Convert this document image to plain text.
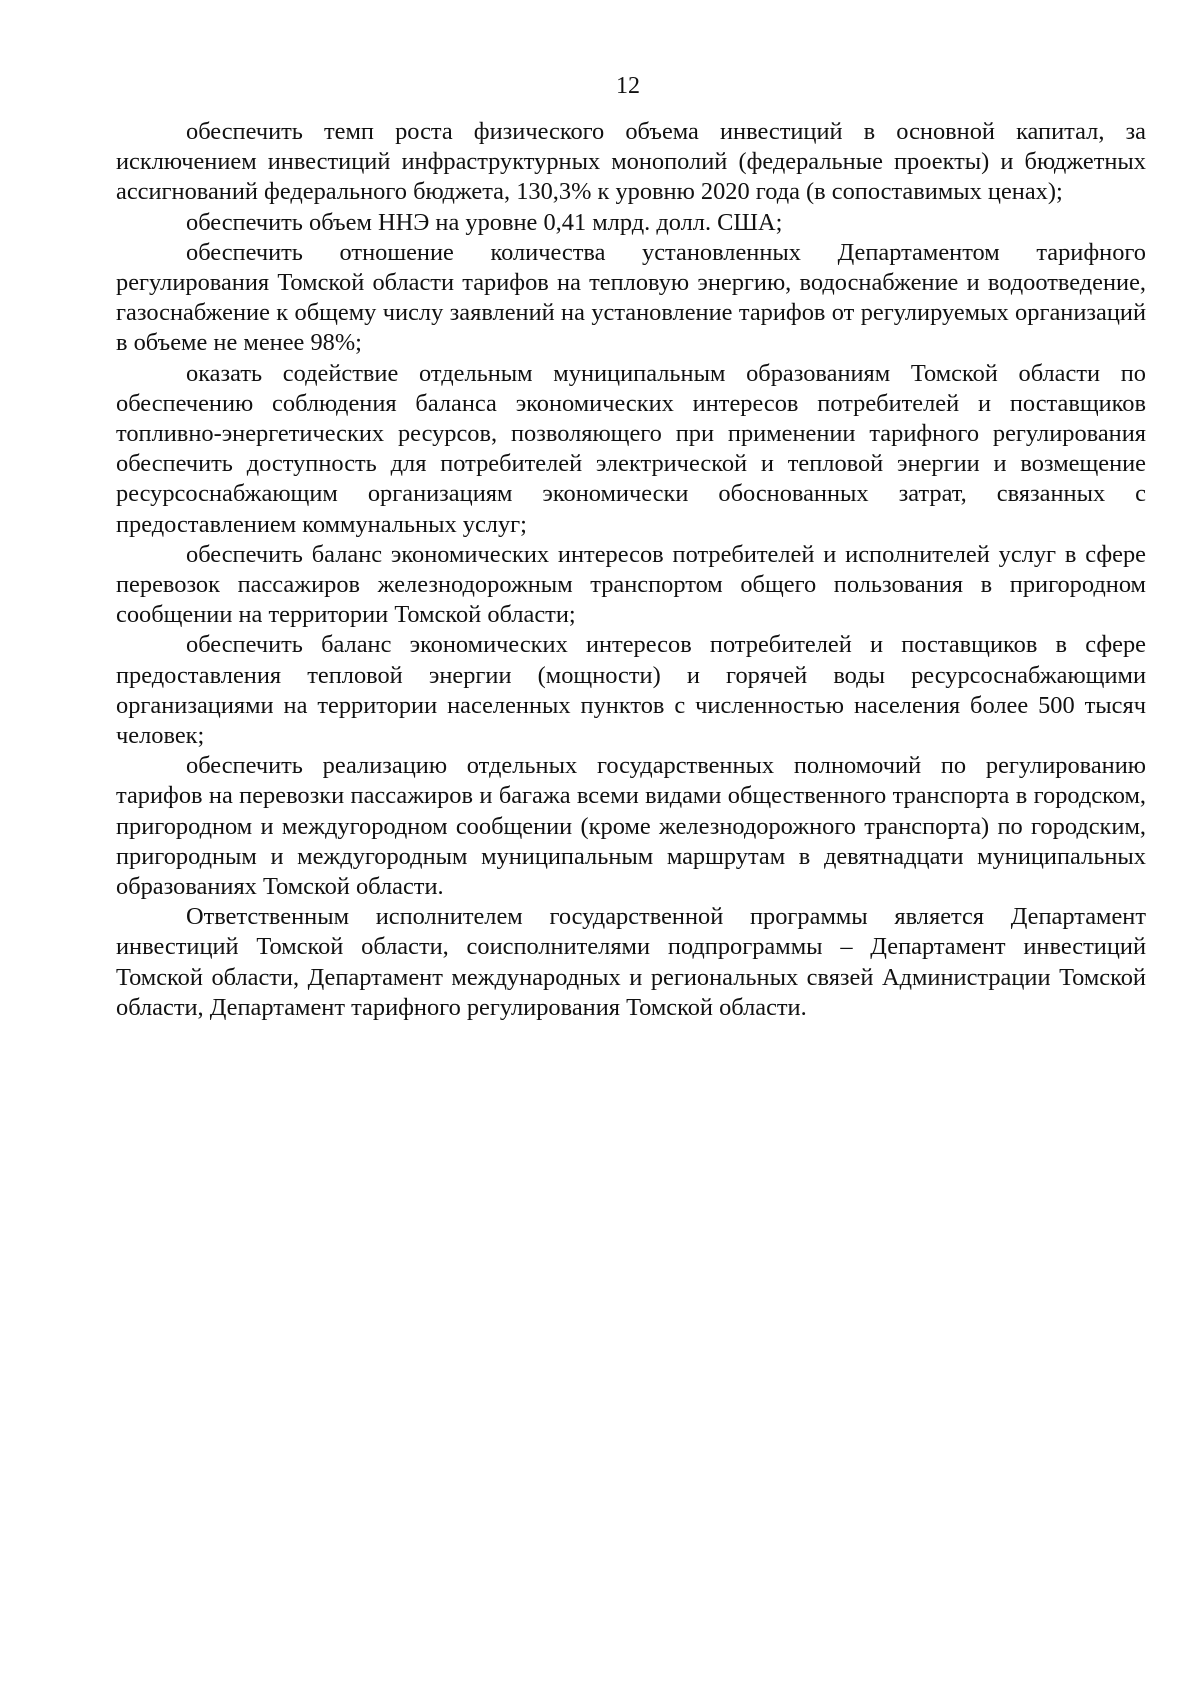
12

обеспечить темп роста физического объема инвестиций в основной капитал, за исключением инвестиций инфраструктурных монополий (федеральные проекты) и бюджетных ассигнований федерального бюджета, 130,3% к уровню 2020 года (в сопоставимых ценах);

обеспечить объем ННЭ на уровне 0,41 млрд. долл. США;

обеспечить отношение количества установленных Департаментом тарифного регулирования Томской области тарифов на тепловую энергию, водоснабжение и водоотведение, газоснабжение к общему числу заявлений на установление тарифов от регулируемых организаций в объеме не менее 98%;

оказать содействие отдельным муниципальным образованиям Томской области по обеспечению соблюдения баланса экономических интересов потребителей и поставщиков топливно-энергетических ресурсов, позволяющего при применении тарифного регулирования обеспечить доступность для потребителей электрической и тепловой энергии и возмещение ресурсоснабжающим организациям экономически обоснованных затрат, связанных с предоставлением коммунальных услуг;

обеспечить баланс экономических интересов потребителей и исполнителей услуг в сфере перевозок пассажиров железнодорожным транспортом общего пользования в пригородном сообщении на территории Томской области;

обеспечить баланс экономических интересов потребителей и поставщиков в сфере предоставления тепловой энергии (мощности) и горячей воды ресурсоснабжающими организациями на территории населенных пунктов с численностью населения более 500 тысяч человек;

обеспечить реализацию отдельных государственных полномочий по регулированию тарифов на перевозки пассажиров и багажа всеми видами общественного транспорта в городском, пригородном и междугородном сообщении (кроме железнодорожного транспорта) по городским, пригородным и междугородным муниципальным маршрутам в девятнадцати муниципальных образованиях Томской области.

Ответственным исполнителем государственной программы является Департамент инвестиций Томской области, соисполнителями подпрограммы – Департамент инвестиций Томской области, Департамент международных и региональных связей Администрации Томской области, Департамент тарифного регулирования Томской области.
